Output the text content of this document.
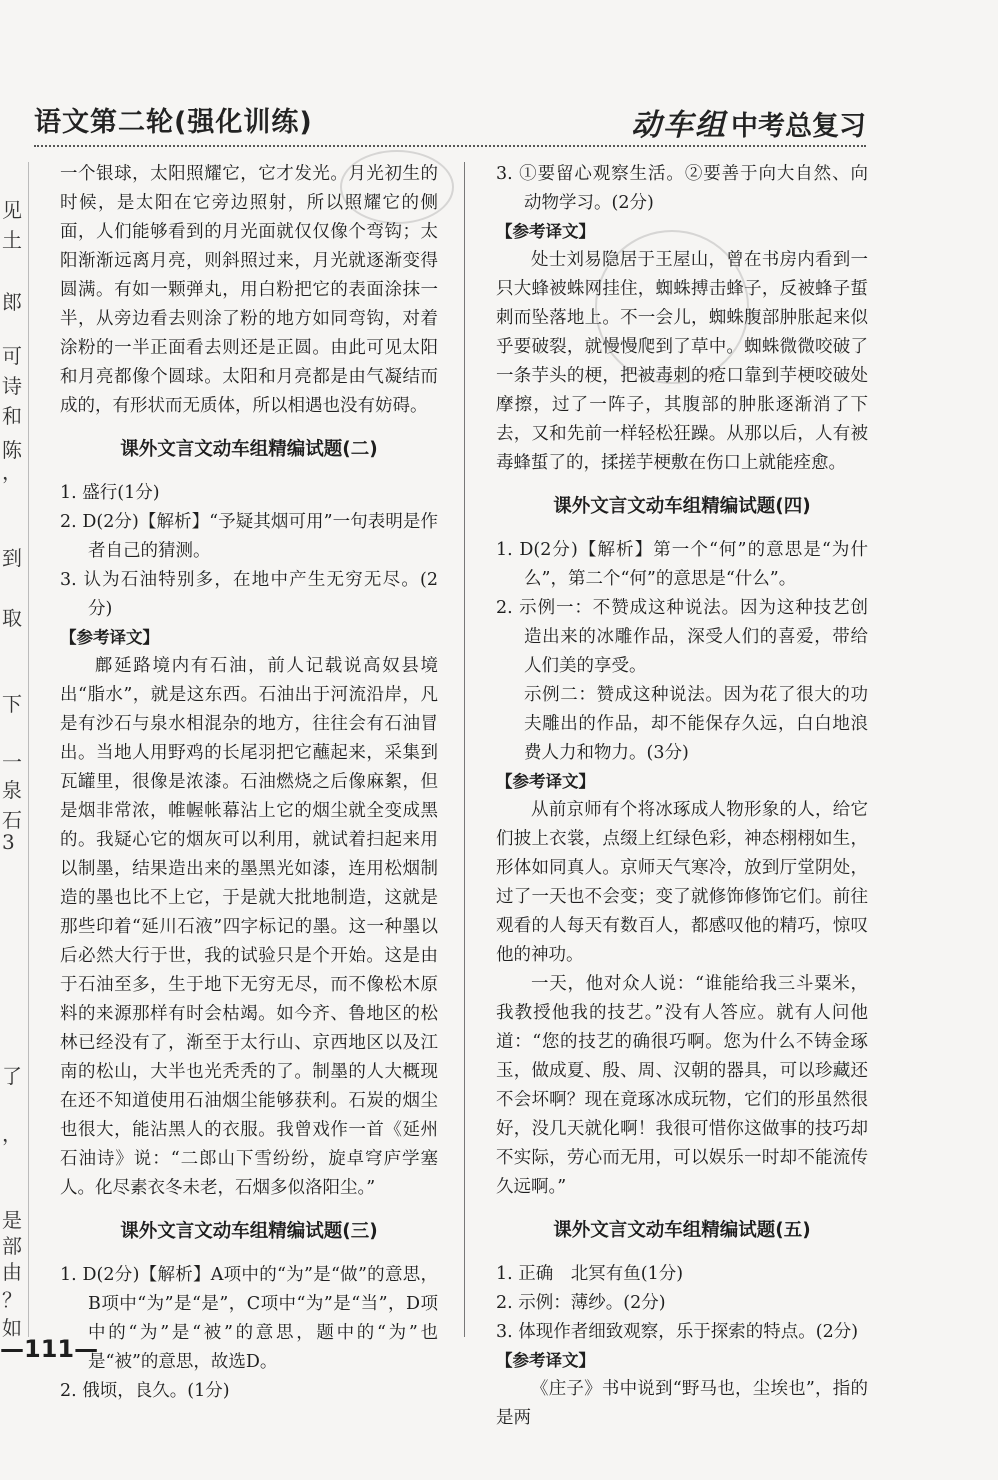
语文第二轮(强化训练)	动车组 中考总复习
见
土
郎
可
诗
和
陈
，
到
取
下
一
泉
石
3
了
，
是
部
由
？
如

一个银球，太阳照耀它，它才发光。月光初生的时候，是太阳在它旁边照射，所以照耀它的侧面，人们能够看到的月光面就仅仅像个弯钩；太阳渐渐远离月亮，则斜照过来，月光就逐渐变得圆满。有如一颗弹丸，用白粉把它的表面涂抹一半，从旁边看去则涂了粉的地方如同弯钩，对着涂粉的一半正面看去则还是正圆。由此可见太阳和月亮都像个圆球。太阳和月亮都是由气凝结而成的，有形状而无质体，所以相遇也没有妨碍。

课外文言文动车组精编试题(二)

1. 盛行(1分)

2. D(2分)【解析】“予疑其烟可用”一句表明是作者自己的猜测。

3. 认为石油特别多，在地中产生无穷无尽。(2分)

【参考译文】

鄜延路境内有石油，前人记载说高奴县境出“脂水”，就是这东西。石油出于河流沿岸，凡是有沙石与泉水相混杂的地方，往往会有石油冒出。当地人用野鸡的长尾羽把它蘸起来，采集到瓦罐里，很像是浓漆。石油燃烧之后像麻絮，但是烟非常浓，帷幄帐幕沾上它的烟尘就全变成黑的。我疑心它的烟灰可以利用，就试着扫起来用以制墨，结果造出来的墨黑光如漆，连用松烟制造的墨也比不上它，于是就大批地制造，这就是那些印着“延川石液”四字标记的墨。这一种墨以后必然大行于世，我的试验只是个开始。这是由于石油至多，生于地下无穷无尽，而不像松木原料的来源那样有时会枯竭。如今齐、鲁地区的松林已经没有了，渐至于太行山、京西地区以及江南的松山，大半也光秃秃的了。制墨的人大概现在还不知道使用石油烟尘能够获利。石炭的烟尘也很大，能沾黑人的衣服。我曾戏作一首《延州石油诗》说：“二郎山下雪纷纷，旋卓穹庐学塞人。化尽素衣冬未老，石烟多似洛阳尘。”

课外文言文动车组精编试题(三)

1. D(2分)【解析】A项中的“为”是“做”的意思，B项中“为”是“是”，C项中“为”是“当”，D项中的“为”是“被”的意思，题中的“为”也是“被”的意思，故选D。

2. 俄顷，良久。(1分)

3. ①要留心观察生活。②要善于向大自然、向动物学习。(2分)

【参考译文】

处士刘易隐居于王屋山，曾在书房内看到一只大蜂被蛛网挂住，蜘蛛搏击蜂子，反被蜂子蜇刺而坠落地上。不一会儿，蜘蛛腹部肿胀起来似乎要破裂，就慢慢爬到了草中。蜘蛛微微咬破了一条芋头的梗，把被毒刺的疮口靠到芋梗咬破处摩擦，过了一阵子，其腹部的肿胀逐渐消了下去，又和先前一样轻松狂躁。从那以后，人有被毒蜂蜇了的，揉搓芋梗敷在伤口上就能痊愈。

课外文言文动车组精编试题(四)

1. D(2分)【解析】第一个“何”的意思是“为什么”，第二个“何”的意思是“什么”。

2. 示例一：不赞成这种说法。因为这种技艺创造出来的冰雕作品，深受人们的喜爱，带给人们美的享受。

示例二：赞成这种说法。因为花了很大的功夫雕出的作品，却不能保存久远，白白地浪费人力和物力。(3分)

【参考译文】

从前京师有个将冰琢成人物形象的人，给它们披上衣裳，点缀上红绿色彩，神态栩栩如生，形体如同真人。京师天气寒冷，放到厅堂阴处，过了一天也不会变；变了就修饰修饰它们。前往观看的人每天有数百人，都感叹他的精巧，惊叹他的神功。

一天，他对众人说：“谁能给我三斗粟米，我教授他我的技艺。”没有人答应。就有人问他道：“您的技艺的确很巧啊。您为什么不铸金琢玉，做成夏、殷、周、汉朝的器具，可以珍藏还不会坏啊？现在竟琢冰成玩物，它们的形虽然很好，没几天就化啊！我很可惜你这做事的技巧却不实际，劳心而无用，可以娱乐一时却不能流传久远啊。”

课外文言文动车组精编试题(五)

1. 正确　北冥有鱼(1分)

2. 示例：薄纱。(2分)

3. 体现作者细致观察，乐于探索的特点。(2分)

【参考译文】

《庄子》书中说到“野马也，尘埃也”，指的是两

—111—
